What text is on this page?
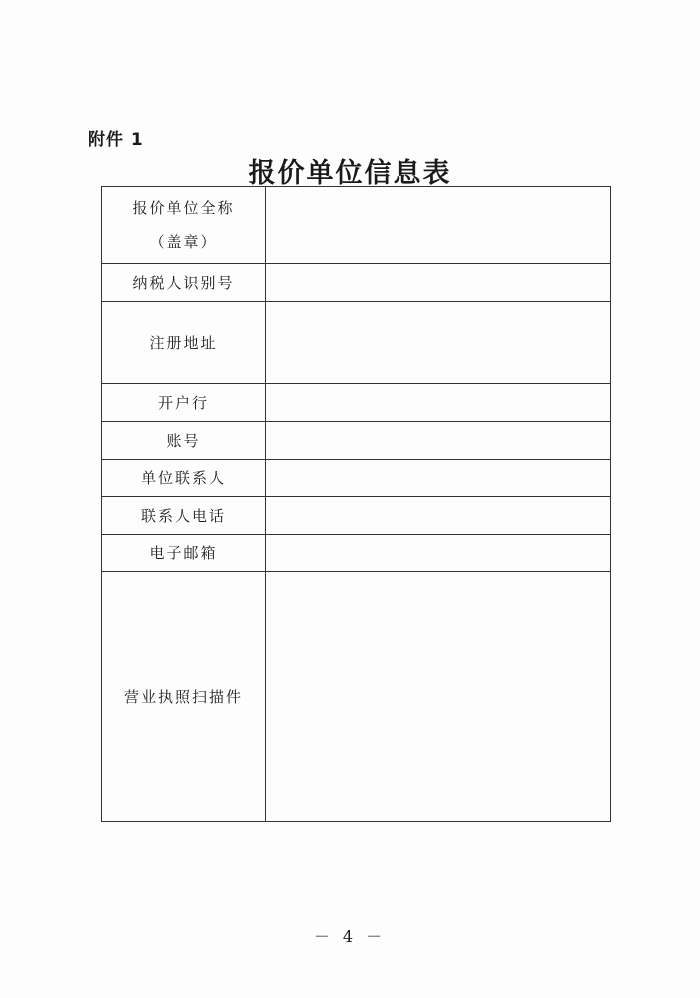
附件 1
报价单位信息表
报价单位全称
（盖章）
纳税人识别号
注册地址
开户行
账号
单位联系人
联系人电话
电子邮箱
营业执照扫描件
－ 4 －
